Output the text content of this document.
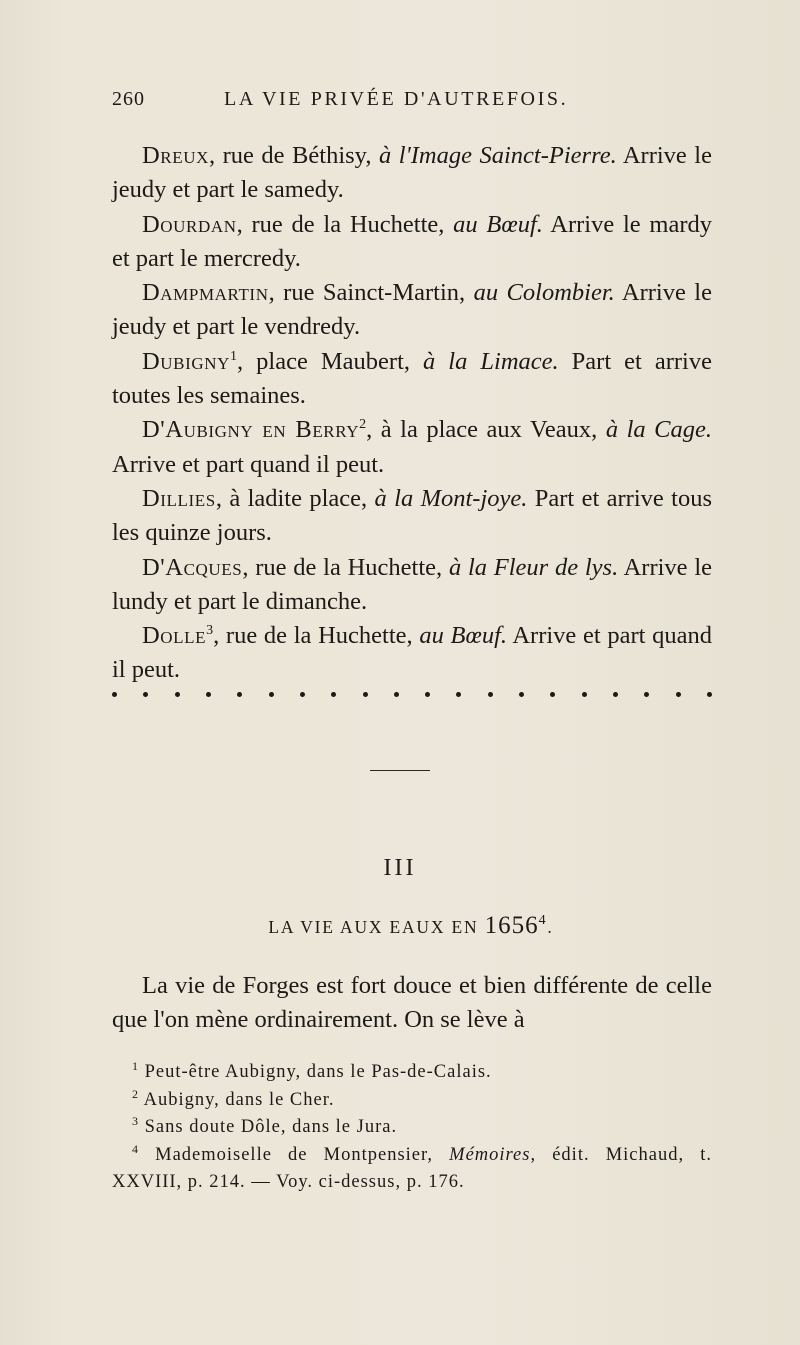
260	LA VIE PRIVÉE D'AUTREFOIS.

Dreux, rue de Béthisy, à l'Image Sainct-Pierre. Arrive le jeudy et part le samedy.

Dourdan, rue de la Huchette, au Bœuf. Arrive le mardy et part le mercredy.

Dampmartin, rue Sainct-Martin, au Colombier. Arrive le jeudy et part le vendredy.

Dubigny$^1$, place Maubert, à la Limace. Part et arrive toutes les semaines.

D'Aubigny en Berry$^2$, à la place aux Veaux, à la Cage. Arrive et part quand il peut.

Dillies, à ladite place, à la Mont-joye. Part et arrive tous les quinze jours.

D'Acques, rue de la Huchette, à la Fleur de lys. Arrive le lundy et part le dimanche.

Dolle$^3$, rue de la Huchette, au Bœuf. Arrive et part quand il peut.

III
LA VIE AUX EAUX EN 1656$^4$.

La vie de Forges est fort douce et bien différente de celle que l'on mène ordinairement. On se lève à

$^1$ Peut-être Aubigny, dans le Pas-de-Calais.

$^2$ Aubigny, dans le Cher.

$^3$ Sans doute Dôle, dans le Jura.

$^4$ Mademoiselle de Montpensier, Mémoires, édit. Michaud, t. XXVIII, p. 214. — Voy. ci-dessus, p. 176.
